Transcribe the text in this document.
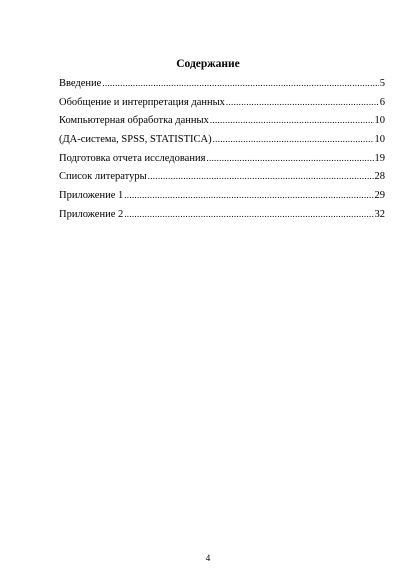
Содержание
Введение .....	5
Обобщение и интерпретация данных .....	6
Компьютерная обработка данных .....	10
(ДА-система, SPSS, STATISTICA) .....	10
Подготовка отчета исследования .....	19
Список литературы .....	28
Приложение 1 .....	29
Приложение 2 .....	32
4
